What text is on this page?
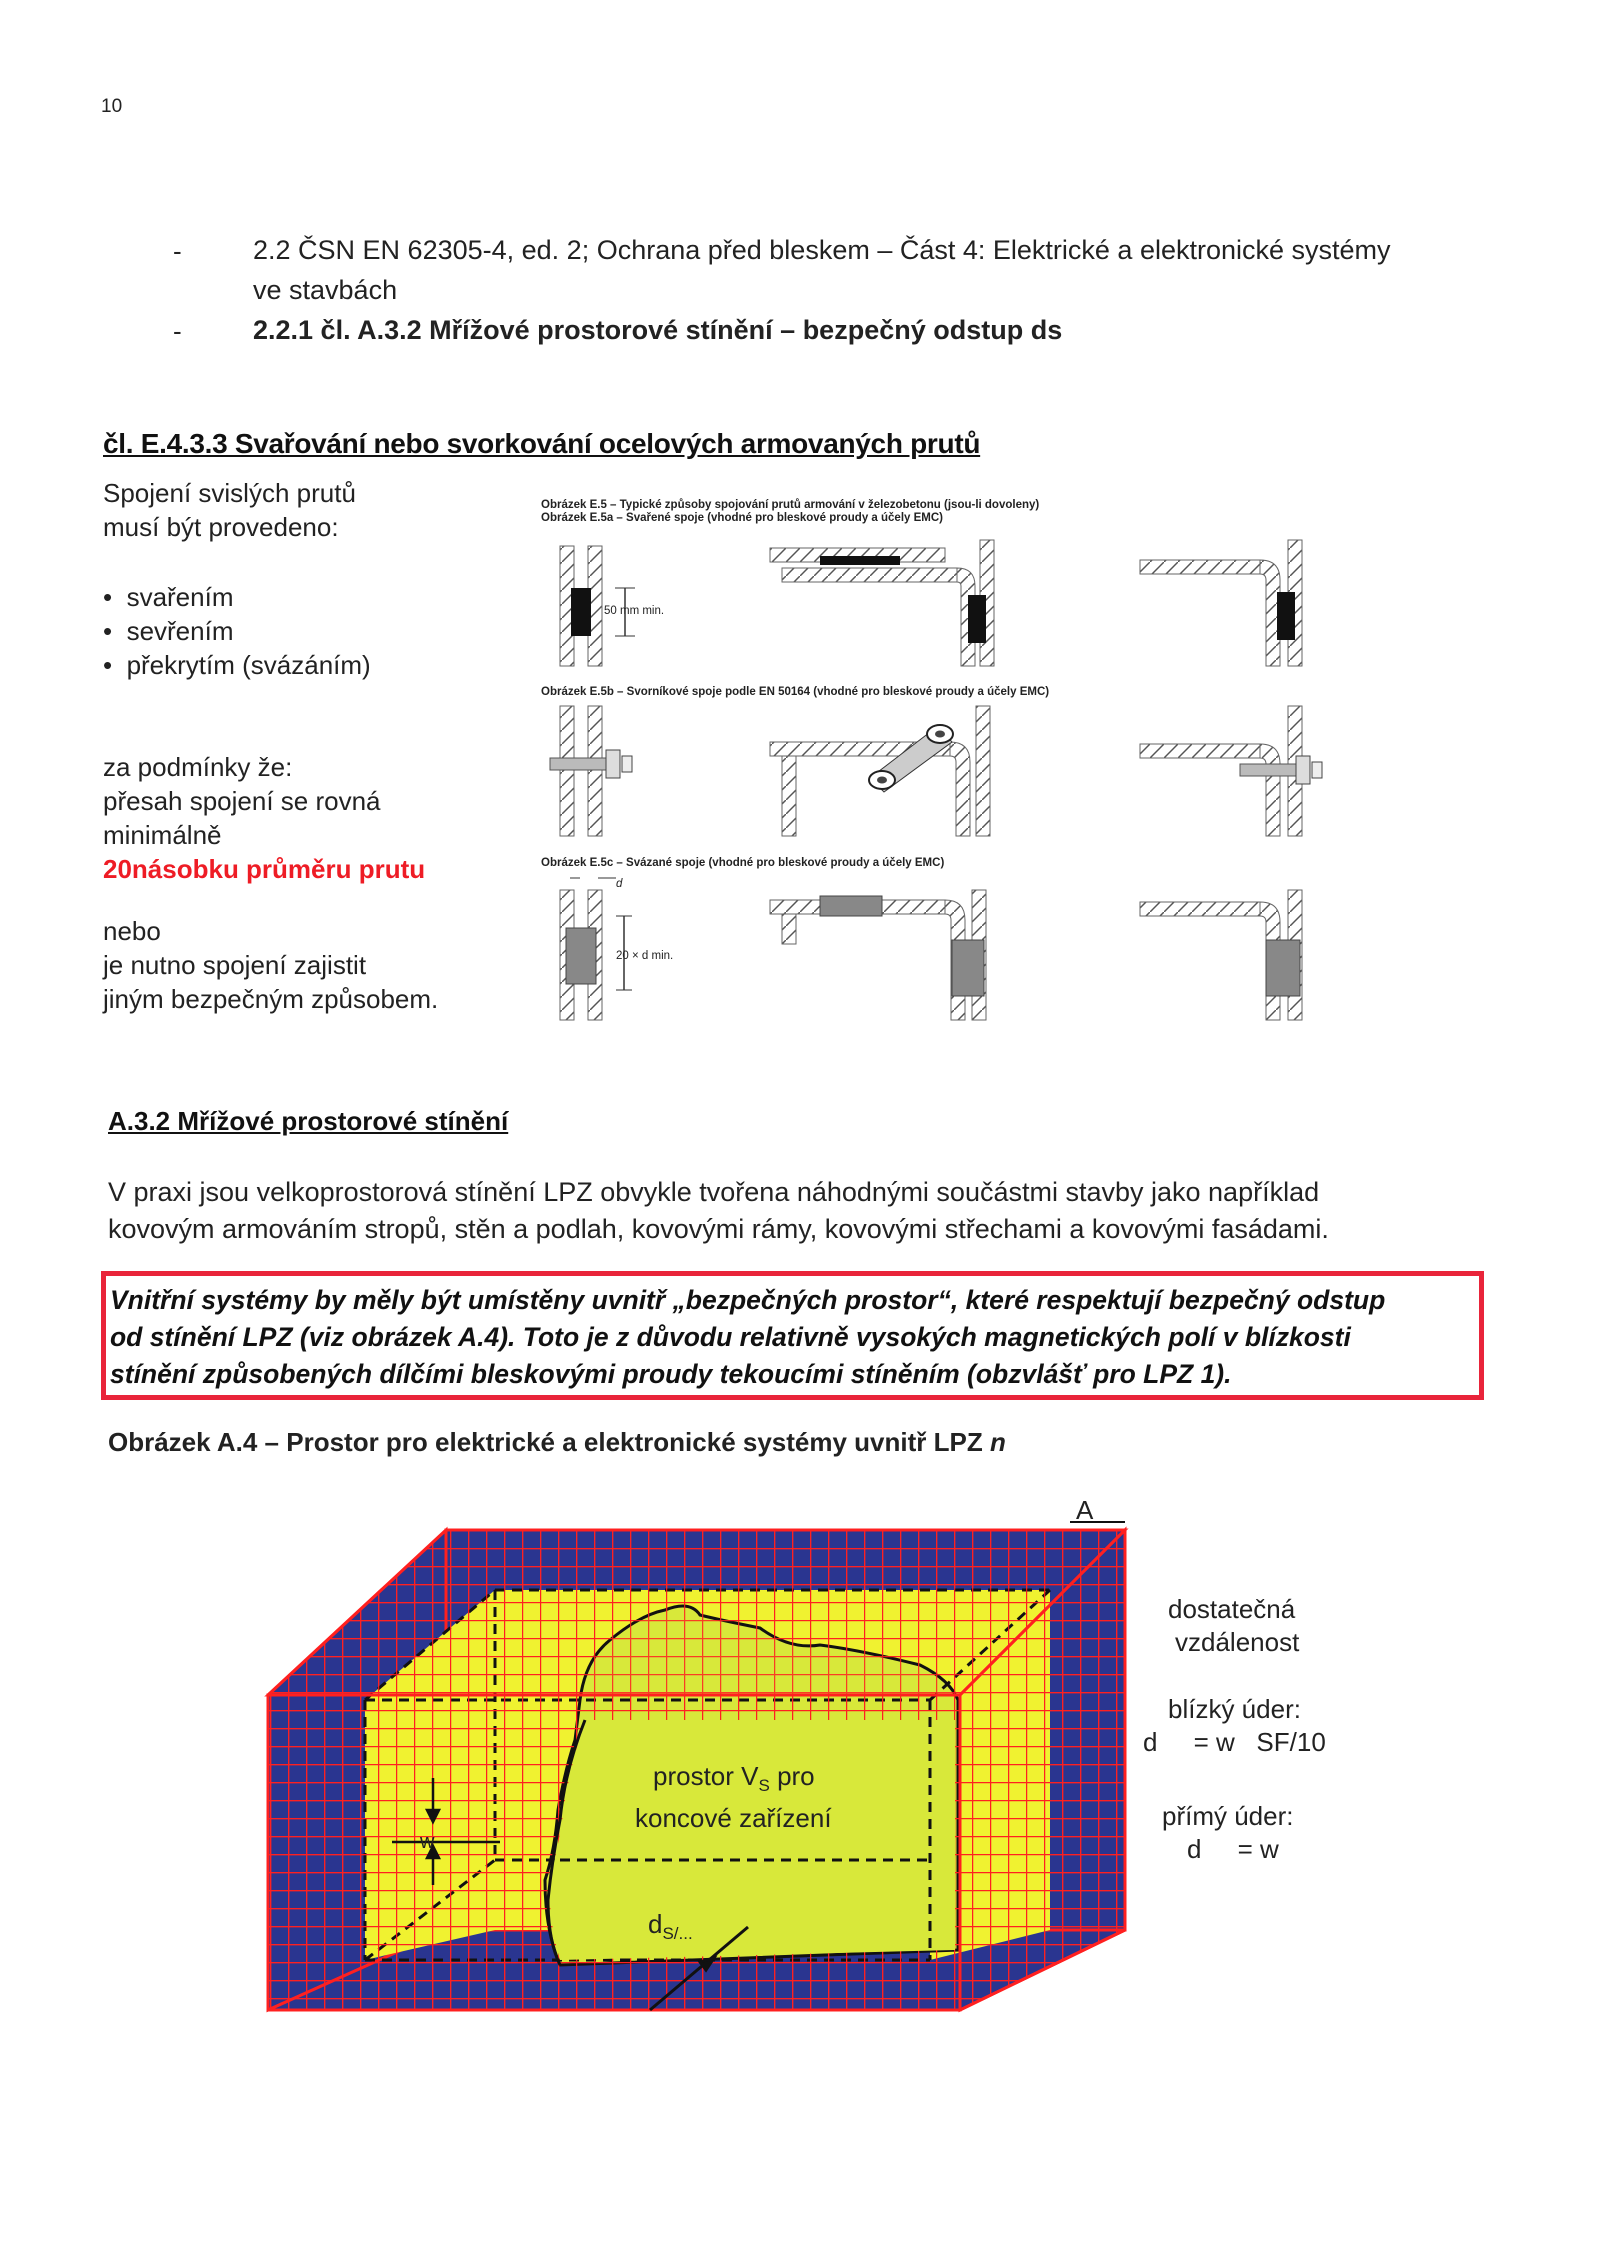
10
-	2.2 ČSN EN 62305-4, ed. 2; Ochrana před bleskem – Část 4: Elektrické a elektronické systémy
ve stavbách
-	2.2.1 čl. A.3.2 Mřížové prostorové stínění – bezpečný odstup ds
čl. E.4.3.3 Svařování nebo svorkování ocelových armovaných prutů
Spojení svislých prutů
musí být provedeno:
•  svařením
•  sevřením
•  překrytím (svázáním)
za podmínky že:
přesah spojení se rovná
minimálně
20násobku průměru prutu
nebo
je nutno spojení zajistit
jiným bezpečným způsobem.
Obrázek E.5 – Typické způsoby spojování prutů armování v železobetonu (jsou-li dovoleny)
Obrázek E.5a – Svařené spoje (vhodné pro bleskové proudy a účely EMC)
Obrázek E.5b – Svorníkové spoje podle EN 50164 (vhodné pro bleskové proudy a účely EMC)
Obrázek E.5c – Svázané spoje (vhodné pro bleskové proudy a účely EMC)
50 mm min.
d
20 × d min.
A.3.2 Mřížové prostorové stínění
V praxi jsou velkoprostorová stínění LPZ obvykle tvořena náhodnými součástmi stavby jako například
kovovým armováním stropů, stěn a podlah, kovovými rámy, kovovými střechami a kovovými fasádami.
Vnitřní systémy by měly být umístěny uvnitř „bezpečných prostor“, které respektují bezpečný odstup
od stínění LPZ (viz obrázek A.4). Toto je z důvodu relativně vysokých magnetických polí v blízkosti
stínění způsobených dílčími bleskovými proudy tekoucími stíněním (obzvlášť pro LPZ 1).
Obrázek A.4 – Prostor pro elektrické a elektronické systémy uvnitř LPZ n
A
w
prostor $V_S$ pro
koncové zařízení
$d_{S/...}$
dostatečná
vzdálenost
blízký úder:
d     = w   SF/10
přímý úder:
d     = w
